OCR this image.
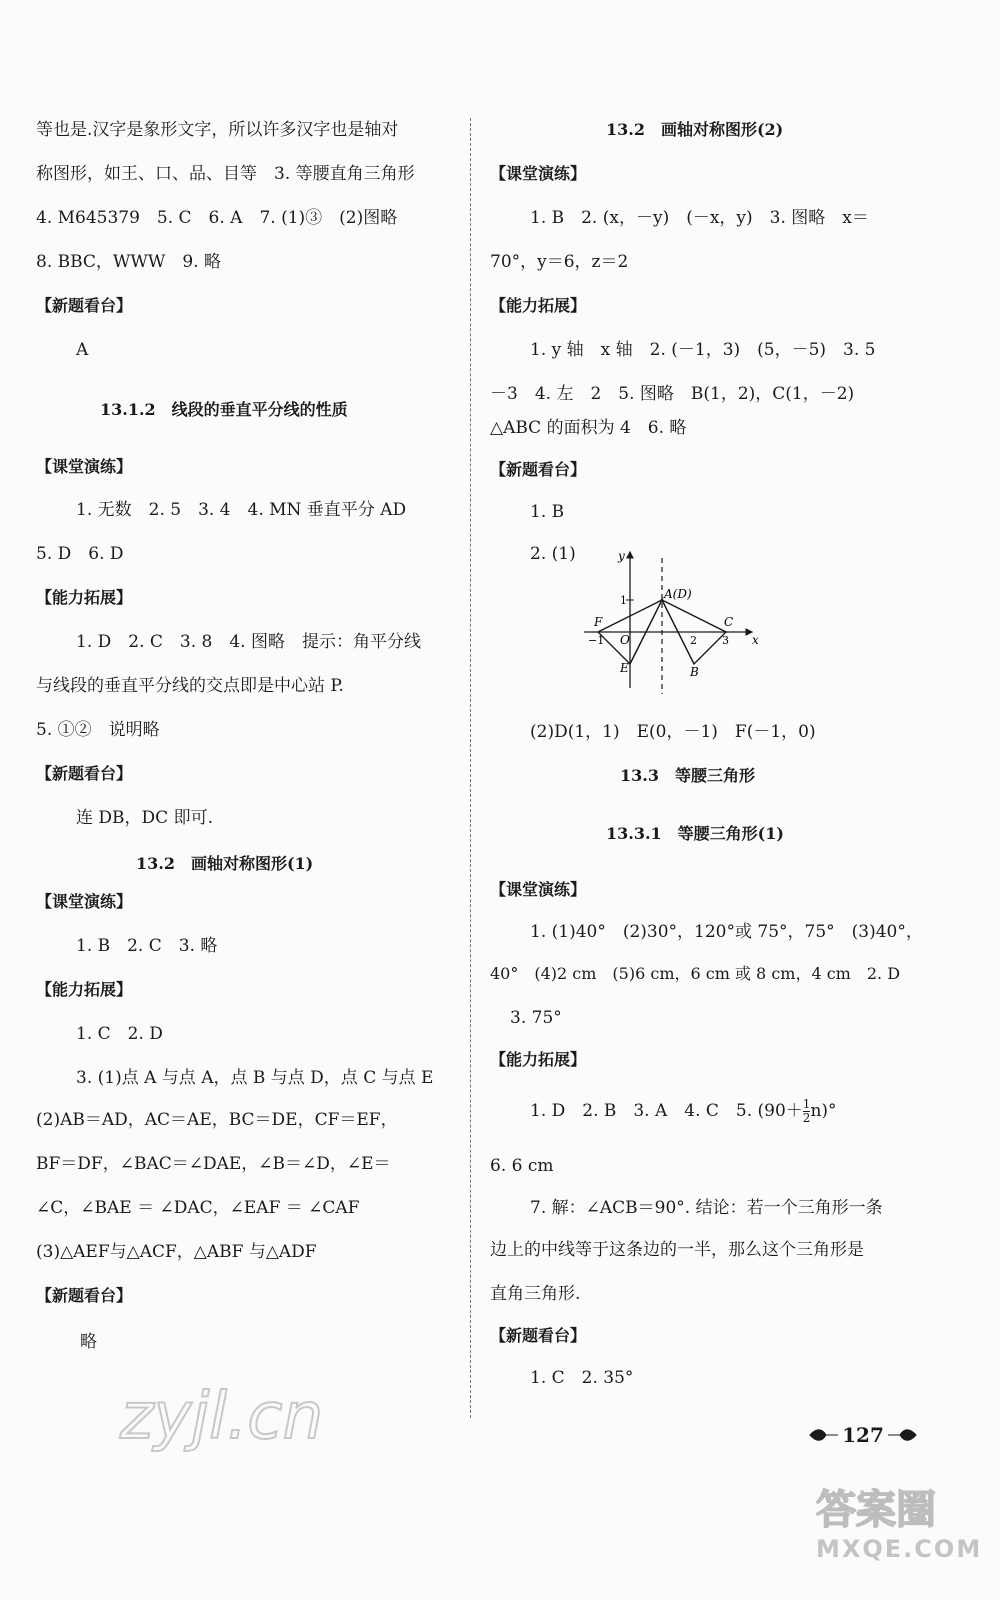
等也是.汉字是象形文字，所以许多汉字也是轴对
称图形，如王、口、品、目等　3. 等腰直角三角形
4. M645379　5. C　6. A　7. (1)③　(2)图略
8. BBC，WWW　9. 略
【新题看台】
A
13.1.2　线段的垂直平分线的性质
【课堂演练】
1. 无数　2. 5　3. 4　4. MN 垂直平分 AD
5. D　6. D
【能力拓展】
1. D　2. C　3. 8　4. 图略　提示：角平分线
与线段的垂直平分线的交点即是中心站 P.
5. ①②　说明略
【新题看台】
连 DB，DC 即可.
13.2　画轴对称图形(1)
【课堂演练】
1. B　2. C　3. 略
【能力拓展】
1. C　2. D
3. (1)点 A 与点 A，点 B 与点 D，点 C 与点 E
(2)AB＝AD，AC＝AE，BC＝DE，CF＝EF，
BF＝DF，∠BAC＝∠DAE，∠B＝∠D，∠E＝
∠C，∠BAE ＝ ∠DAC，∠EAF ＝ ∠CAF
(3)△AEF与△ACF，△ABF 与△ADF
【新题看台】
略
zyjl.cn
13.2　画轴对称图形(2)
【课堂演练】
1. B　2. (x，－y)　(－x，y)　3. 图略　x＝
70°，y＝6，z＝2
【能力拓展】
1. y 轴　x 轴　2. (－1，3)　(5，－5)　3. 5
－3　4. 左　2　5. 图略　B(1，2)，C(1，－2)
△ABC 的面积为 4　6. 略
【新题看台】
1. B
2. (1)	y
x
A(D)
F	C
O
E	B
−1	2 3
1
(2)D(1，1)　E(0，－1)　F(－1，0)
13.3　等腰三角形
13.3.1　等腰三角形(1)
【课堂演练】
1. (1)40°　(2)30°，120°或 75°，75°　(3)40°，
40°　(4)2 cm　(5)6 cm，6 cm 或 8 cm，4 cm　2. D
3. 75°
【能力拓展】
1. D　2. B　3. A　4. C　5. $(90+ \frac{1}{2} n)^\circ$
6. 6 cm
7. 解：∠ACB＝90°. 结论：若一个三角形一条
边上的中线等于这条边的一半，那么这个三角形是
直角三角形.
【新题看台】
1. C　2. 35°
127
答案圈
MXQE.COM
